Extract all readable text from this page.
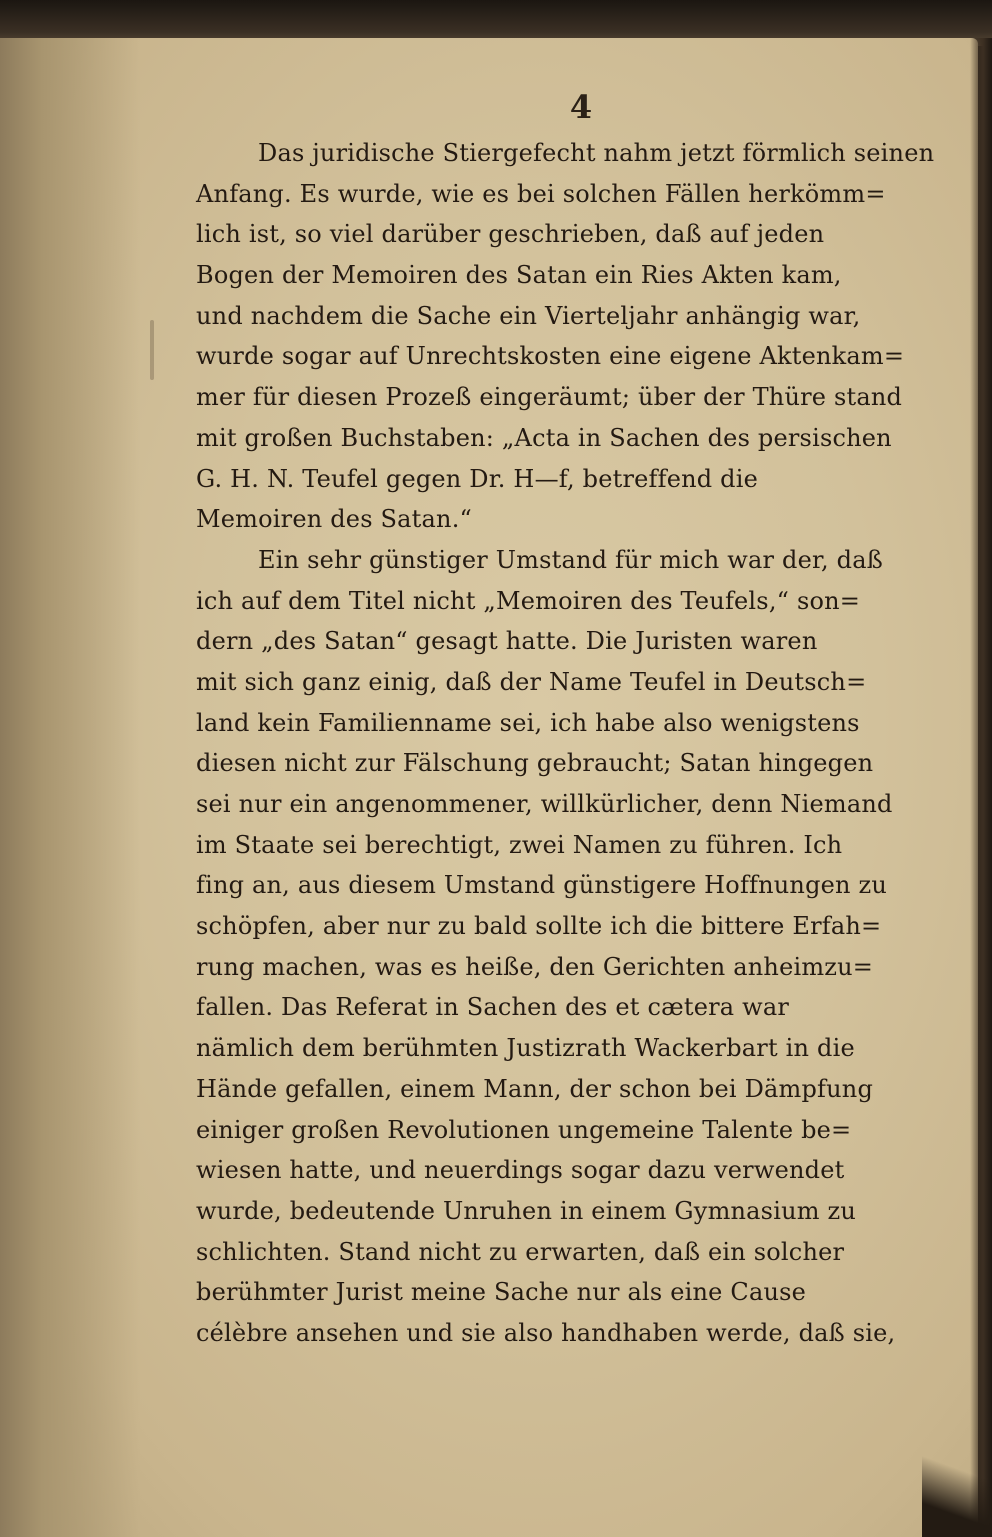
4
Das juridische Stiergefecht nahm jetzt förmlich seinen
Anfang. Es wurde, wie es bei solchen Fällen herkömm=
lich ist, so viel darüber geschrieben, daß auf jeden
Bogen der Memoiren des Satan ein Ries Akten kam,
und nachdem die Sache ein Vierteljahr anhängig war,
wurde sogar auf Unrechtskosten eine eigene Aktenkam=
mer für diesen Prozeß eingeräumt; über der Thüre stand
mit großen Buchstaben: „Acta in Sachen des persischen
G. H. N. Teufel gegen Dr. H—f, betreffend die
Memoiren des Satan.“
Ein sehr günstiger Umstand für mich war der, daß
ich auf dem Titel nicht „Memoiren des Teufels,“ son=
dern „des Satan“ gesagt hatte. Die Juristen waren
mit sich ganz einig, daß der Name Teufel in Deutsch=
land kein Familienname sei, ich habe also wenigstens
diesen nicht zur Fälschung gebraucht; Satan hingegen
sei nur ein angenommener, willkürlicher, denn Niemand
im Staate sei berechtigt, zwei Namen zu führen. Ich
fing an, aus diesem Umstand günstigere Hoffnungen zu
schöpfen, aber nur zu bald sollte ich die bittere Erfah=
rung machen, was es heiße, den Gerichten anheimzu=
fallen. Das Referat in Sachen des et cætera war
nämlich dem berühmten Justizrath Wackerbart in die
Hände gefallen, einem Mann, der schon bei Dämpfung
einiger großen Revolutionen ungemeine Talente be=
wiesen hatte, und neuerdings sogar dazu verwendet
wurde, bedeutende Unruhen in einem Gymnasium zu
schlichten. Stand nicht zu erwarten, daß ein solcher
berühmter Jurist meine Sache nur als eine Cause
célèbre ansehen und sie also handhaben werde, daß sie,
